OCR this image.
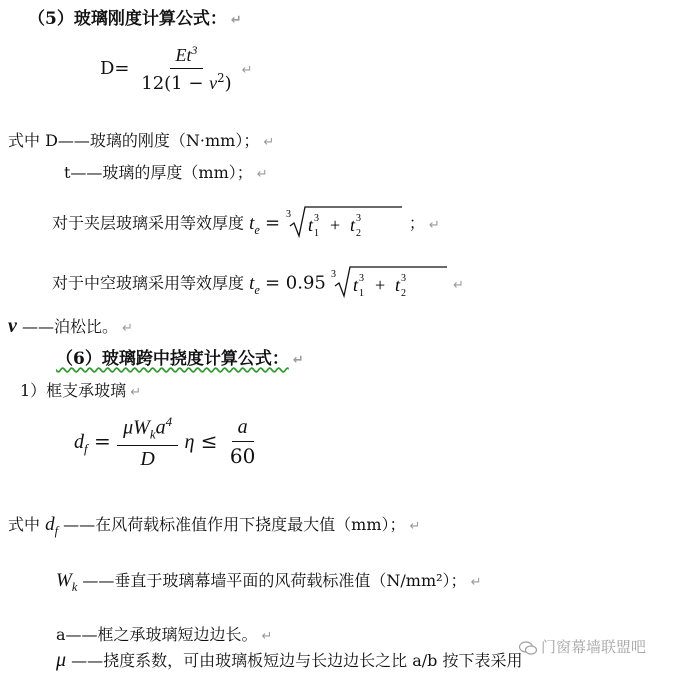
（5）玻璃刚度计算公式： ↵
$D= \frac{Et^3}{12(1 - \nu^2)}$ ↵
式中 D——玻璃的刚度（N·mm）； ↵
t——玻璃的厚度（mm）； ↵
对于夹层玻璃采用等效厚度 $t_e = 3$
t 1
3 + t 2
3	； ↵
对于中空玻璃采用等效厚度 $t_e = 0.95$ 3
t 1
3 + t 2
3	↵
ν ——泊松比。 ↵
（6）玻璃跨中挠度计算公式： ↵
1）框支承玻璃 ↵
$d_f = \frac{\mu W_ka^4}{D}$ $\eta \le \frac{a}{60}$
式中 $d_f$ ——在风荷载标准值作用下挠度最大值（mm）； ↵
$W_k$ ——垂直于玻璃幕墙平面的风荷载标准值（N/mm²）； ↵
a——框之承玻璃短边边长。 ↵
μ ——挠度系数，可由玻璃板短边与长边边长之比 a/b 按下表采用
门窗幕墙联盟吧
